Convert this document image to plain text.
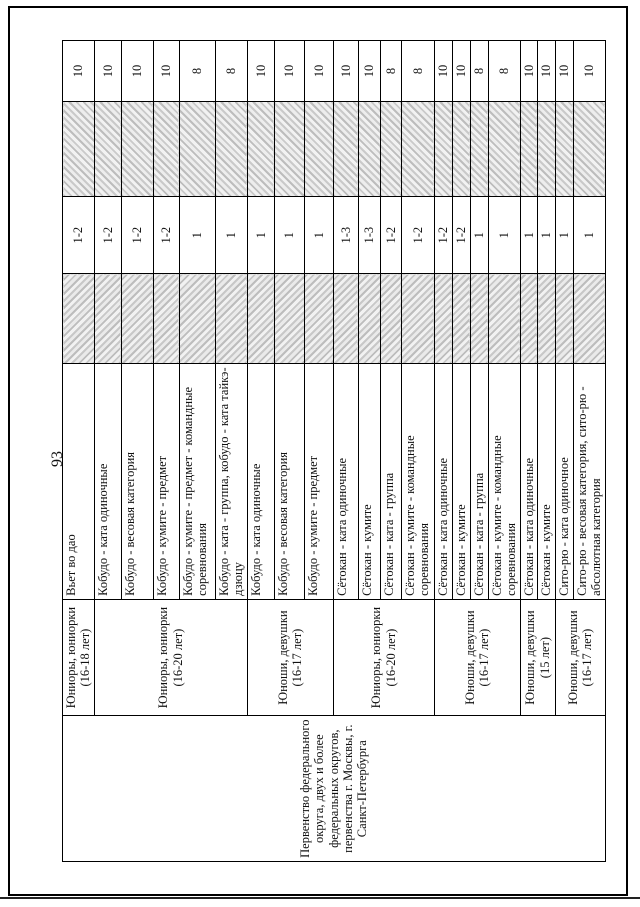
93
Первенство федерального округа, двух и более федеральных округов, первенства г. Москвы, г. Санкт-Петербурга	Юниоры, юниорки (16-18 лет)	Вьет во дао		1-2		10
	Юниоры, юниорки (16-20 лет)	Кобудо - ката одиночные		1-2		10
		Кобудо - весовая категория		1-2		10
		Кобудо - кумите - предмет		1-2		10
		Кобудо - кумите - предмет - командные соревнования		1		8
		Кобудо - ката - группа, кобудо - ката тайкэ-дзюцу		1		8
	Юноши, девушки (16-17 лет)	Кобудо - ката одиночные		1		10
		Кобудо - весовая категория		1		10
		Кобудо - кумите - предмет		1		10
	Юниоры, юниорки (16-20 лет)	Сётокан - ката одиночные		1-3		10
		Сётокан - кумите		1-3		10
		Сётокан - ката - группа		1-2		8
		Сётокан - кумите - командные соревнования		1-2		8
	Юноши, девушки (16-17 лет)	Сётокан - ката одиночные		1-2		10
		Сётокан - кумите		1-2		10
		Сётокан - ката - группа		1		8
		Сётокан - кумите - командные соревнования		1		8
	Юноши, девушки (15 лет)	Сётокан - ката одиночные		1		10
		Сётокан - кумите		1		10
	Юноши, девушки (16-17 лет)	Сито-рю - ката одиночное		1		10
		Сито-рю - весовая категория, сито-рю - абсолютная категория		1		10
